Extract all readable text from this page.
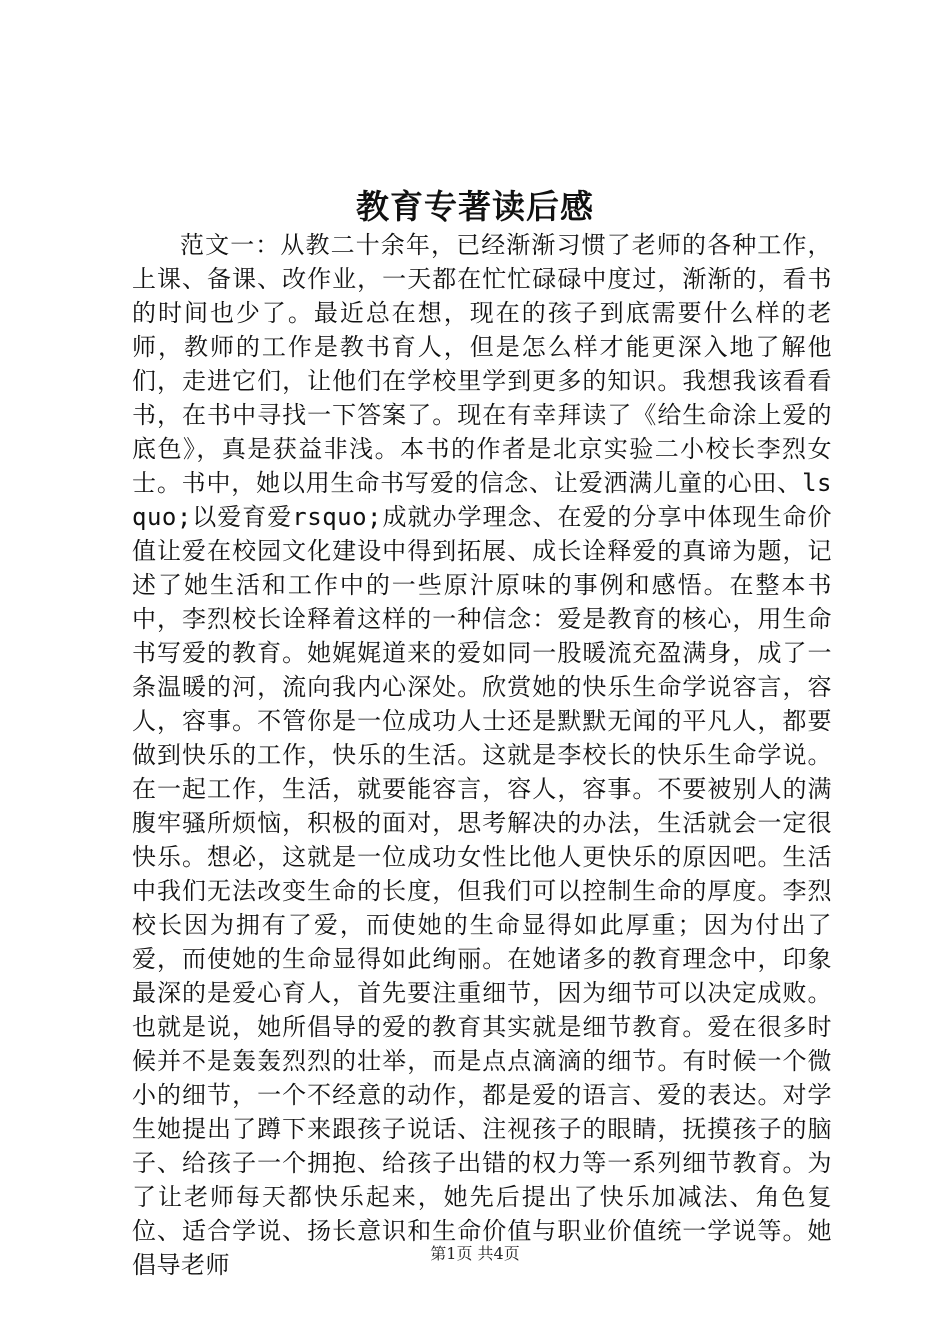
教育专著读后感

范文一：从教二十余年，已经渐渐习惯了老师的各种工作，上课、备课、改作业，一天都在忙忙碌碌中度过，渐渐的，看书的时间也少了。最近总在想，现在的孩子到底需要什么样的老师，教师的工作是教书育人，但是怎么样才能更深入地了解他们，走进它们，让他们在学校里学到更多的知识。我想我该看看书，在书中寻找一下答案了。现在有幸拜读了《给生命涂上爱的底色》，真是获益非浅。本书的作者是北京实验二小校长李烈女士。书中，她以用生命书写爱的信念、让爱洒满儿童的心田、lsquo;以爱育爱rsquo;成就办学理念、在爱的分享中体现生命价值让爱在校园文化建设中得到拓展、成长诠释爱的真谛为题，记述了她生活和工作中的一些原汁原味的事例和感悟。在整本书中，李烈校长诠释着这样的一种信念：爱是教育的核心，用生命书写爱的教育。她娓娓道来的爱如同一股暖流充盈满身，成了一条温暖的河，流向我内心深处。欣赏她的快乐生命学说容言，容人，容事。不管你是一位成功人士还是默默无闻的平凡人，都要做到快乐的工作，快乐的生活。这就是李校长的快乐生命学说。在一起工作，生活，就要能容言，容人，容事。不要被别人的满腹牢骚所烦恼，积极的面对，思考解决的办法，生活就会一定很快乐。想必，这就是一位成功女性比他人更快乐的原因吧。生活中我们无法改变生命的长度，但我们可以控制生命的厚度。李烈校长因为拥有了爱，而使她的生命显得如此厚重；因为付出了爱，而使她的生命显得如此绚丽。在她诸多的教育理念中，印象最深的是爱心育人，首先要注重细节，因为细节可以决定成败。也就是说，她所倡导的爱的教育其实就是细节教育。爱在很多时候并不是轰轰烈烈的壮举，而是点点滴滴的细节。有时候一个微小的细节，一个不经意的动作，都是爱的语言、爱的表达。对学生她提出了蹲下来跟孩子说话、注视孩子的眼睛，抚摸孩子的脑子、给孩子一个拥抱、给孩子出错的权力等一系列细节教育。为了让老师每天都快乐起来，她先后提出了快乐加减法、角色复位、适合学说、扬长意识和生命价值与职业价值统一学说等。她倡导老师	第1页 共4页
